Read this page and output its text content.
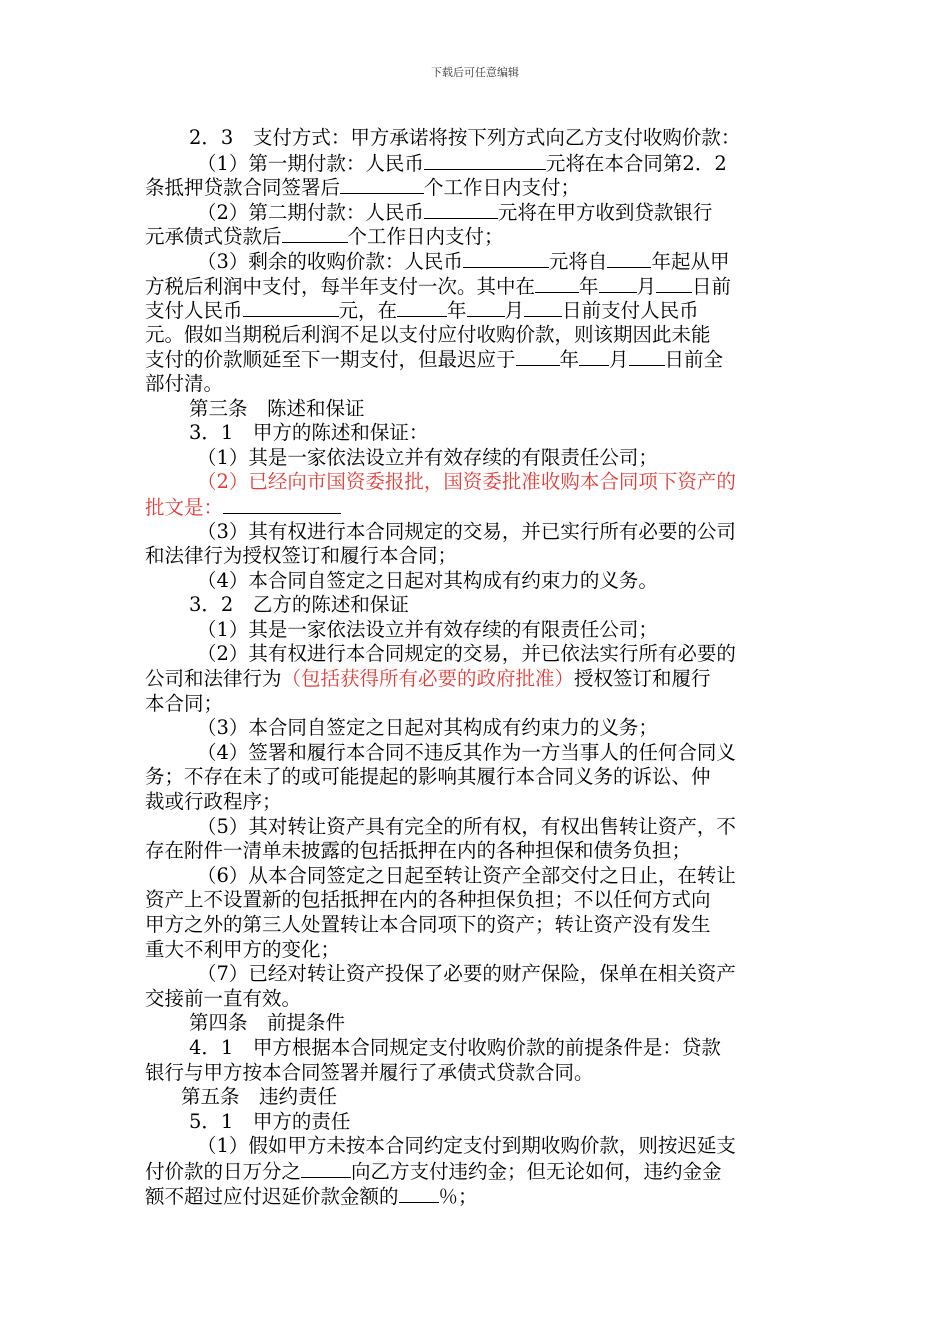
下载后可任意编辑
2．3　支付方式：甲方承诺将按下列方式向乙方支付收购价款：
（1）第一期付款：人民币	元将在本合同第2．2
条抵押贷款合同签署后	个工作日内支付；
（2）第二期付款：人民币	元将在甲方收到贷款银行
元承债式贷款后	个工作日内支付；
（3）剩余的收购价款：人民币	元将自 年起从甲
方税后利润中支付，每半年支付一次。其中在 年 月 日前
支付人民币	元，在	年 月 日前支付人民币
元。假如当期税后利润不足以支付应付收购价款，则该期因此未能
支付的价款顺延至下一期支付，但最迟应于 年 月 日前全
部付清。
第三条　陈述和保证
3．1　甲方的陈述和保证：
（1）其是一家依法设立并有效存续的有限责任公司；
（2）已经向市国资委报批，国资委批准收购本合同项下资产的
批文是：
（3）其有权进行本合同规定的交易，并已实行所有必要的公司
和法律行为授权签订和履行本合同；
（4）本合同自签定之日起对其构成有约束力的义务。
3．2　乙方的陈述和保证
（1）其是一家依法设立并有效存续的有限责任公司；
（2）其有权进行本合同规定的交易，并已依法实行所有必要的
公司和法律行为（包括获得所有必要的政府批准）授权签订和履行
本合同；
（3）本合同自签定之日起对其构成有约束力的义务；
（4）签署和履行本合同不违反其作为一方当事人的任何合同义
务；不存在未了的或可能提起的影响其履行本合同义务的诉讼、仲
裁或行政程序；
（5）其对转让资产具有完全的所有权，有权出售转让资产，不
存在附件一清单未披露的包括抵押在内的各种担保和债务负担；
（6）从本合同签定之日起至转让资产全部交付之日止，在转让
资产上不设置新的包括抵押在内的各种担保负担；不以任何方式向
甲方之外的第三人处置转让本合同项下的资产；转让资产没有发生
重大不利甲方的变化；
（7）已经对转让资产投保了必要的财产保险，保单在相关资产
交接前一直有效。
第四条　前提条件
4．1　甲方根据本合同规定支付收购价款的前提条件是：贷款
银行与甲方按本合同签署并履行了承债式贷款合同。
第五条　违约责任
5．1　甲方的责任
（1）假如甲方未按本合同约定支付到期收购价款，则按迟延支
付价款的日万分之	向乙方支付违约金；但无论如何，违约金金
额不超过应付迟延价款金额的 ％；
